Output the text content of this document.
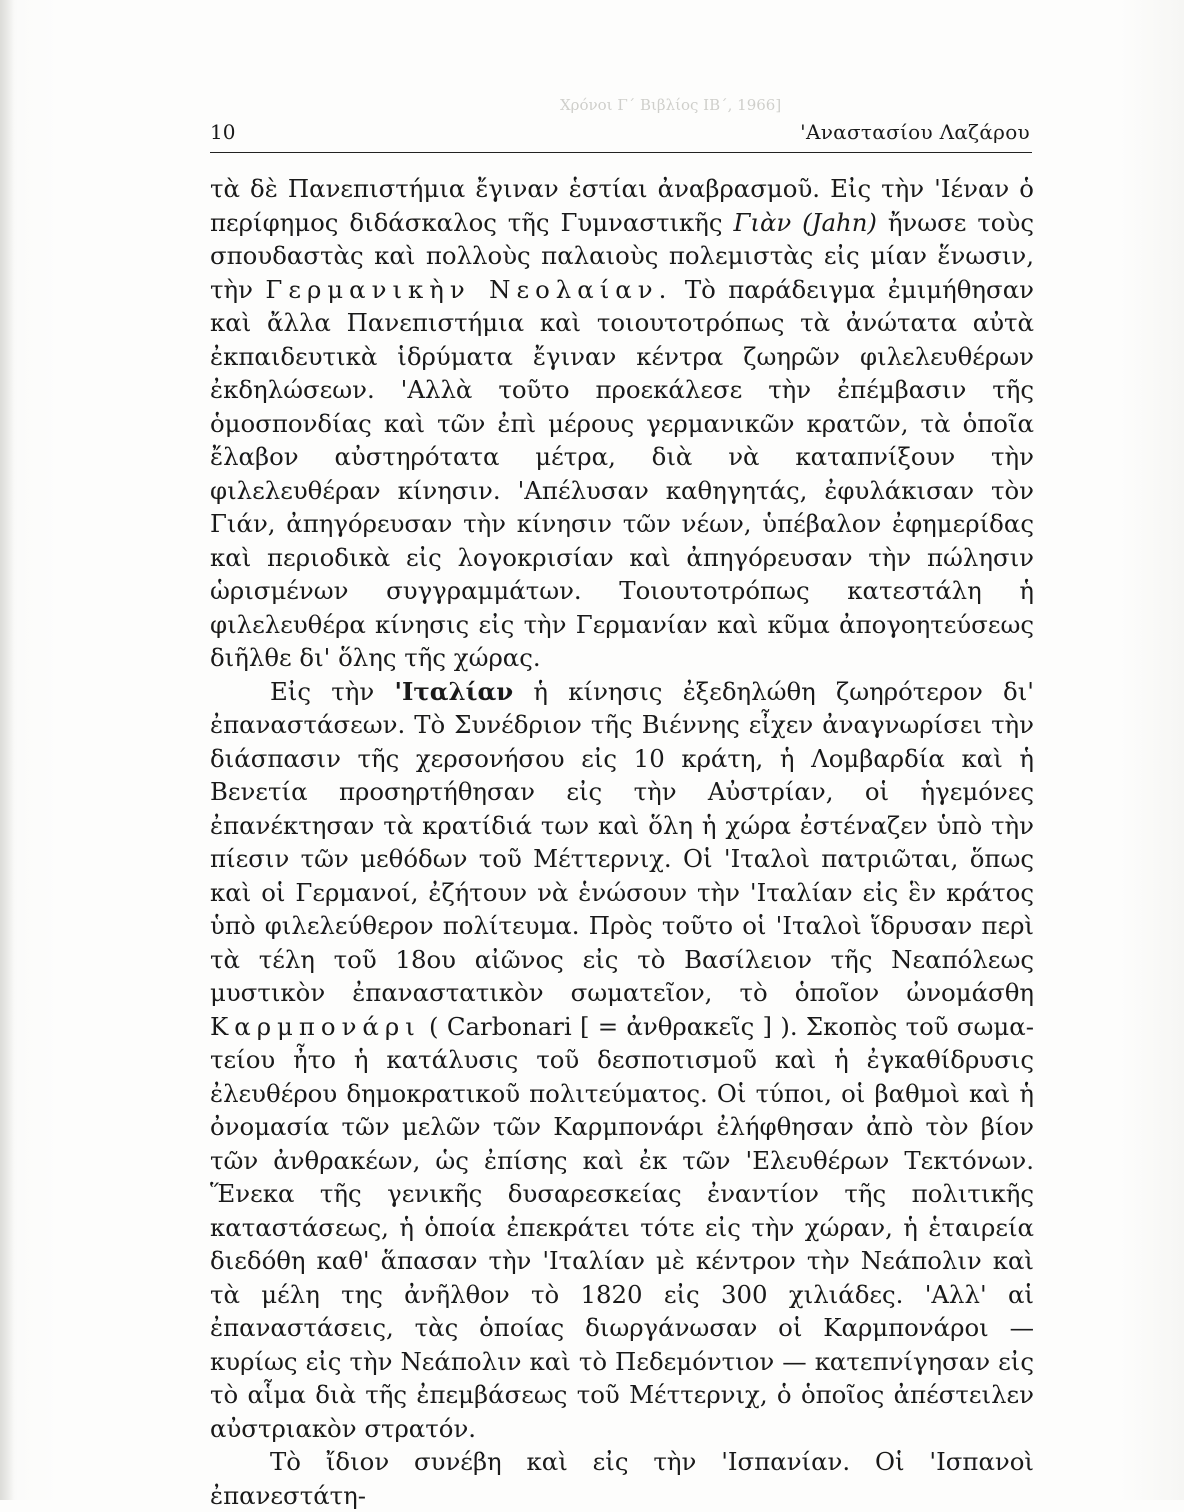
Χρόνοι Γ΄ Βιβλίος ΙΒ΄, 1966]
10	'Αναστασίου Λαζάρου

τὰ δὲ Πανεπιστήμια ἔγιναν ἑστίαι ἀναβρασμοῦ. Εἰς τὴν 'Ιέναν ὁ περίφημος διδάσκαλος τῆς Γυμναστικῆς Γιὰν (Jahn) ἤνωσε τοὺς σπουδαστὰς καὶ πολλοὺς παλαιοὺς πολεμιστὰς εἰς μίαν ἕνωσιν, τὴν Γερμανικὴν Νεολαίαν. Τὸ παράδειγμα ἐμιμήθησαν καὶ ἄλλα Πανεπιστήμια καὶ τοιουτοτρόπως τὰ ἀνώτατα αὐτὰ ἐκπαιδευτικὰ ἱδρύματα ἔγιναν κέντρα ζωηρῶν φιλελευθέρων ἐκδηλώσεων. 'Αλλὰ τοῦτο προεκάλεσε τὴν ἐπέμβασιν τῆς ὁμοσπονδίας καὶ τῶν ἐπὶ μέρους γερμανικῶν κρατῶν, τὰ ὁποῖα ἔλαβον αὐστηρότατα μέτρα, διὰ νὰ καταπνίξουν τὴν φιλελευθέραν κίνησιν. 'Απέλυσαν καθηγητάς, ἐφυλάκισαν τὸν Γιάν, ἀπηγόρευσαν τὴν κίνησιν τῶν νέων, ὑπέβαλον ἐφημερίδας καὶ περιοδικὰ εἰς λογοκρισίαν καὶ ἀπηγόρευσαν τὴν πώλησιν ὡρισμένων συγγραμμάτων. Τοιουτοτρόπως κατεστάλη ἡ φιλελευθέρα κίνησις εἰς τὴν Γερμανίαν καὶ κῦμα ἀπογοητεύσεως διῆλθε δι' ὅλης τῆς χώρας.

Εἰς τὴν 'Ιταλίαν ἡ κίνησις ἐξεδηλώθη ζωηρότερον δι' ἐπαναστάσεων. Τὸ Συνέδριον τῆς Βιέννης εἶχεν ἀναγνωρίσει τὴν διάσπασιν τῆς χερσονήσου εἰς 10 κράτη, ἡ Λομβαρδία καὶ ἡ Βενετία προσηρτήθησαν εἰς τὴν Αὐστρίαν, οἱ ἡγεμόνες ἐπανέκτησαν τὰ κρατίδιά των καὶ ὅλη ἡ χώρα ἐστέναζεν ὑπὸ τὴν πίεσιν τῶν μεθόδων τοῦ Μέττερνιχ. Οἱ 'Ιταλοὶ πατριῶται, ὅπως καὶ οἱ Γερμανοί, ἐζήτουν νὰ ἑνώσουν τὴν 'Ιταλίαν εἰς ἓν κράτος ὑπὸ φιλελεύθερον πολίτευμα. Πρὸς τοῦτο οἱ 'Ιταλοὶ ἵδρυσαν περὶ τὰ τέλη τοῦ 18ου αἰῶνος εἰς τὸ Βασίλειον τῆς Νεαπόλεως μυστικὸν ἐπαναστατικὸν σωματεῖον, τὸ ὁποῖον ὠνομάσθη Καρμπονάρι ( Carbonari [ = ἀνθρακεῖς ] ). Σκοπὸς τοῦ σωματείου ἦτο ἡ κατάλυσις τοῦ δεσποτισμοῦ καὶ ἡ ἐγκαθίδρυσις ἐλευθέρου δημοκρατικοῦ πολιτεύματος. Οἱ τύποι, οἱ βαθμοὶ καὶ ἡ ὀνομασία τῶν μελῶν τῶν Καρμπονάρι ἐλήφθησαν ἀπὸ τὸν βίον τῶν ἀνθρακέων, ὡς ἐπίσης καὶ ἐκ τῶν 'Ελευθέρων Τεκτόνων. Ἕνεκα τῆς γενικῆς δυσαρεσκείας ἐναντίον τῆς πολιτικῆς καταστάσεως, ἡ ὁποία ἐπεκράτει τότε εἰς τὴν χώραν, ἡ ἑταιρεία διεδόθη καθ' ἅπασαν τὴν 'Ιταλίαν μὲ κέντρον τὴν Νεάπολιν καὶ τὰ μέλη της ἀνῆλθον τὸ 1820 εἰς 300 χιλιάδες. 'Αλλ' αἱ ἐπαναστάσεις, τὰς ὁποίας διωργάνωσαν οἱ Καρμπονάροι — κυρίως εἰς τὴν Νεάπολιν καὶ τὸ Πεδεμόντιον — κατεπνίγησαν εἰς τὸ αἷμα διὰ τῆς ἐπεμβάσεως τοῦ Μέττερνιχ, ὁ ὁποῖος ἀπέστειλεν αὐστριακὸν στρατόν.

Τὸ ἴδιον συνέβη καὶ εἰς τὴν 'Ισπανίαν. Οἱ 'Ισπανοὶ ἐπανεστάτη-
